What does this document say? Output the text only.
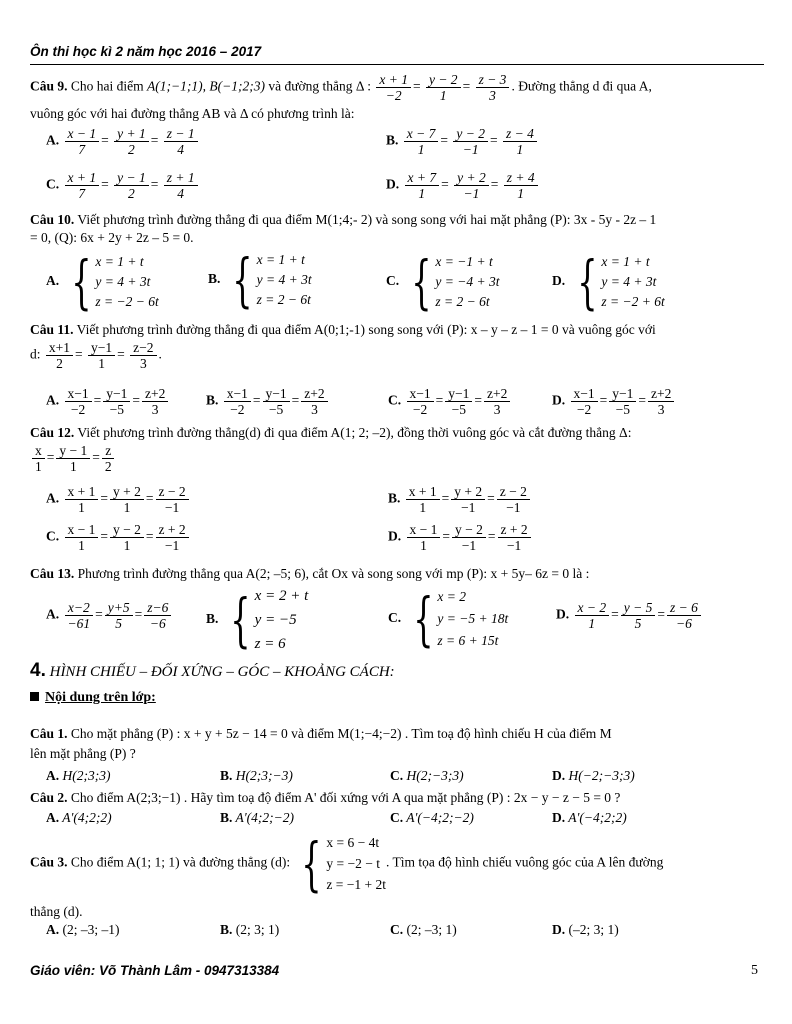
Ôn thi học kì 2 năm học 2016 – 2017
Câu 9. Cho hai điểm A(1;−1;1), B(−1;2;3) và đường thẳng Δ : $\frac{x + 1}{-2} = \frac{y - 2}{1} = \frac{z - 3}{3}$ . Đường thẳng d đi qua A,
vuông góc với hai đường thẳng AB và Δ có phương trình là:
A. $\frac{x - 1}{7} = \frac{y + 1}{2} = \frac{z - 1}{4}$	B. $\frac{x - 7}{1} = \frac{y - 2}{-1} = \frac{z - 4}{1}$
C. $\frac{x + 1}{7} = \frac{y - 1}{2} = \frac{z + 1}{4}$	D. $\frac{x + 7}{1} = \frac{y + 2}{-1} = \frac{z + 4}{1}$
Câu 10. Viết phương trình đường thẳng đi qua điểm M(1;4;- 2) và song song với hai mặt phẳng (P): 3x - 5y - 2z – 1
= 0, (Q): 6x + 2y + 2z – 5 = 0.
A. { x = 1 + t
y = 4 + 3t
z = −2 − 6t
B. { x = 1 + t
y = 4 + 3t
z = 2 − 6t
C. { x = −1 + t
y = −4 + 3t
z = 2 − 6t
D. { x = 1 + t
y = 4 + 3t
z = −2 + 6t
Câu 11. Viết phương trình đường thẳng đi qua điểm A(0;1;-1) song song với (P): x – y – z – 1 = 0 và vuông góc với
d: $\frac{x+1}{2} = \frac{y-1}{1} = \frac{z-2}{3}$ .
A. $\frac{x-1}{-2} = \frac{y-1}{-5} = \frac{z+2}{3}$	B. $\frac{x-1}{-2} = \frac{y-1}{-5} = \frac{z+2}{3}$	C. $\frac{x-1}{-2} = \frac{y-1}{-5} = \frac{z+2}{3}$	D. $\frac{x-1}{-2} = \frac{y-1}{-5} = \frac{z+2}{3}$
Câu 12. Viết phương trình đường thẳng(d) đi qua điểm A(1; 2; –2), đồng thời vuông góc và cắt đường thẳng Δ:
$\frac{x}{1} = \frac{y - 1}{1} = \frac{z}{2}$
A. $\frac{x + 1}{1} = \frac{y + 2}{1} = \frac{z - 2}{-1}$	B. $\frac{x + 1}{1} = \frac{y + 2}{-1} = \frac{z - 2}{-1}$
C. $\frac{x - 1}{1} = \frac{y - 2}{1} = \frac{z + 2}{-1}$	D. $\frac{x - 1}{1} = \frac{y - 2}{-1} = \frac{z + 2}{-1}$
Câu 13. Phương trình đường thẳng qua A(2; –5; 6), cắt Ox và song song với mp (P): x + 5y– 6z = 0 là :
A. $\frac{x-2}{-61} = \frac{y+5}{5} = \frac{z-6}{-6}$	B. { x = 2 + t
y = −5
z = 6
C. { x = 2
y = −5 + 18t
z = 6 + 15t
D. $\frac{x - 2}{1} = \frac{y - 5}{5} = \frac{z - 6}{-6}$
4. HÌNH CHIẾU – ĐỐI XỨNG – GÓC – KHOẢNG CÁCH:
Nội dung trên lớp:
Câu 1. Cho mặt phẳng (P) : x + y + 5z − 14 = 0 và điểm M(1;−4;−2) . Tìm toạ độ hình chiếu H của điểm M
lên mặt phẳng (P) ?
A. H(2;3;3)	B. H(2;3;−3)	C. H(2;−3;3)	D. H(−2;−3;3)
Câu 2. Cho điểm A(2;3;−1) . Hãy tìm toạ độ điểm A' đối xứng với A qua mặt phẳng (P) : 2x − y − z − 5 = 0 ?
A. A'(4;2;2)	B. A'(4;2;−2)	C. A'(−4;2;−2)	D. A'(−4;2;2)
Câu 3. Cho điểm A(1; 1; 1) và đường thẳng (d): { x = 6 − 4t
y = −2 − t
z = −1 + 2t
. Tìm tọa độ hình chiếu vuông góc của A lên đường
thẳng (d).
A. (2; –3; –1)	B. (2; 3; 1)	C. (2; –3; 1)	D. (–2; 3; 1)
Giáo viên: Võ Thành Lâm - 0947313384	5
